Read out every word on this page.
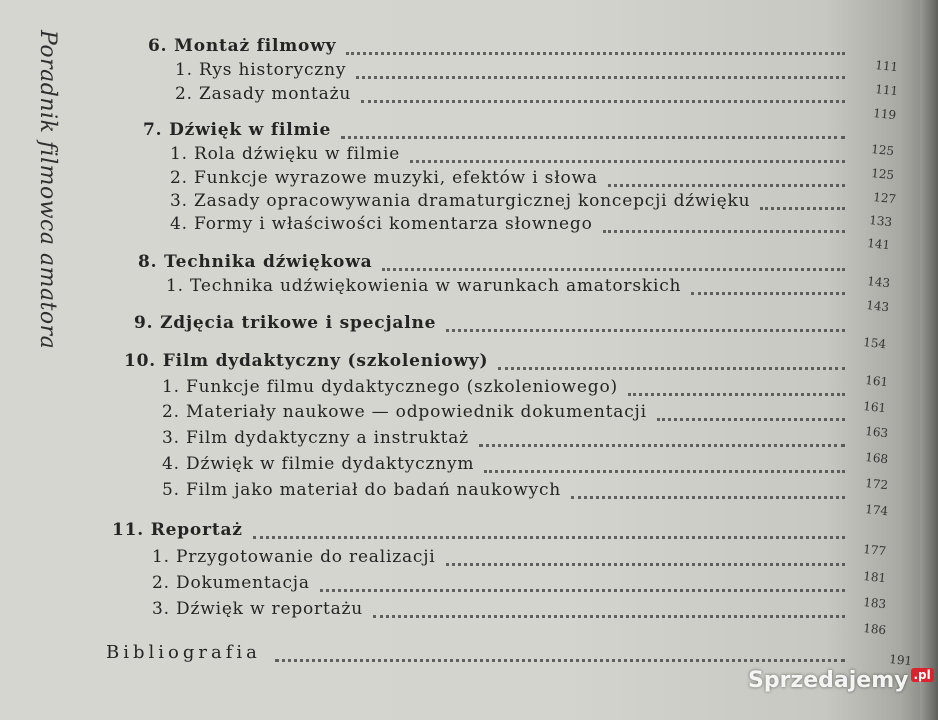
Poradnik filmowca amatora	6. Montaż filmowy
111
1. Rys historyczny
111
2. Zasady montażu
119
7. Dźwięk w filmie
125
1. Rola dźwięku w filmie
125
2. Funkcje wyrazowe muzyki, efektów i słowa
127
3. Zasady opracowywania dramaturgicznej koncepcji dźwięku
133
4. Formy i właściwości komentarza słownego
141
8. Technika dźwiękowa
143
1. Technika udźwiękowienia w warunkach amatorskich
143
9. Zdjęcia trikowe i specjalne
154
10. Film dydaktyczny (szkoleniowy)
161
1. Funkcje filmu dydaktycznego (szkoleniowego)
161
2. Materiały naukowe — odpowiednik dokumentacji
163
3. Film dydaktyczny a instruktaż
168
4. Dźwięk w filmie dydaktycznym
172
5. Film jako materiał do badań naukowych
174
11. Reportaż
177
1. Przygotowanie do realizacji
181
2. Dokumentacja
183
3. Dźwięk w reportażu
186
Bibliografia	191
Sprzedajemy .pl
